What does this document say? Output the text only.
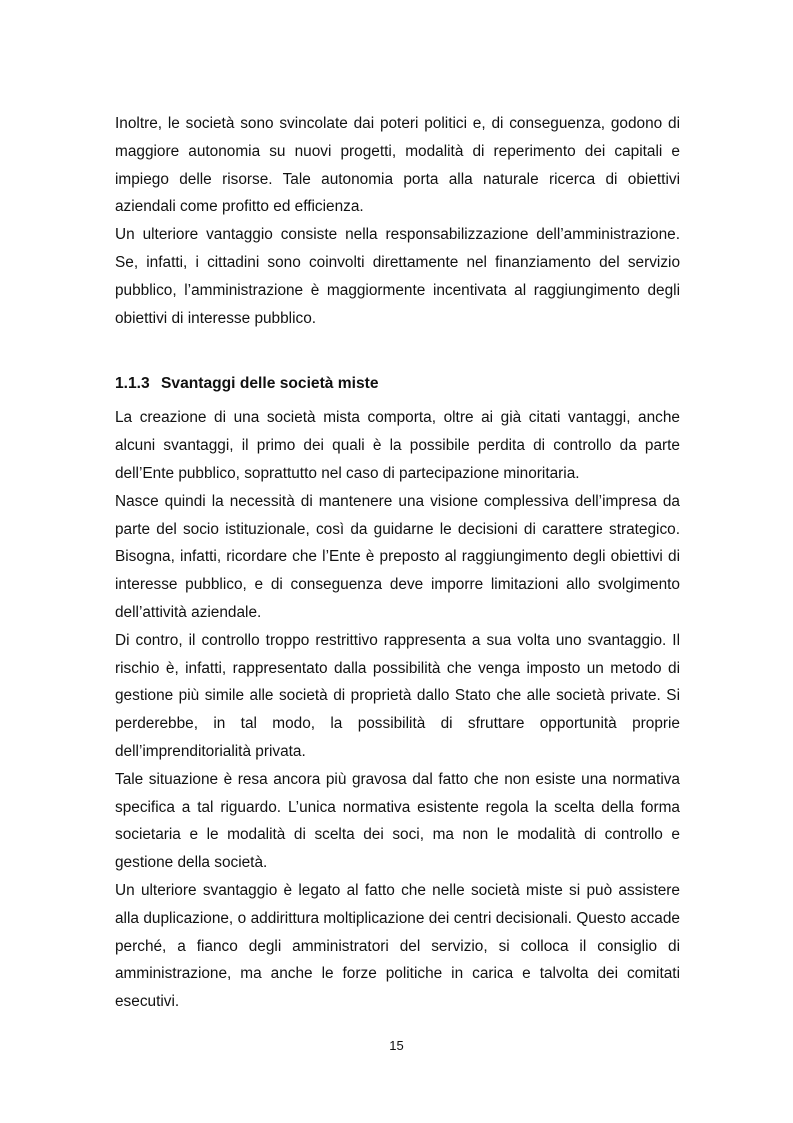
Inoltre, le società sono svincolate dai poteri politici e, di conseguenza, godono di maggiore autonomia su nuovi progetti, modalità di reperimento dei capitali e impiego delle risorse. Tale autonomia porta alla naturale ricerca di obiettivi aziendali come profitto ed efficienza.

Un ulteriore vantaggio consiste nella responsabilizzazione dell’amministrazione. Se, infatti, i cittadini sono coinvolti direttamente nel finanziamento del servizio pubblico, l’amministrazione è maggiormente incentivata al raggiungimento degli obiettivi di interesse pubblico.

1.1.3 Svantaggi delle società miste

La creazione di una società mista comporta, oltre ai già citati vantaggi, anche alcuni svantaggi, il primo dei quali è la possibile perdita di controllo da parte dell’Ente pubblico, soprattutto nel caso di partecipazione minoritaria.

Nasce quindi la necessità di mantenere una visione complessiva dell’impresa da parte del socio istituzionale, così da guidarne le decisioni di carattere strategico. Bisogna, infatti, ricordare che l’Ente è preposto al raggiungimento degli obiettivi di interesse pubblico, e di conseguenza deve imporre limitazioni allo svolgimento dell’attività aziendale.

Di contro, il controllo troppo restrittivo rappresenta a sua volta uno svantaggio. Il rischio è, infatti, rappresentato dalla possibilità che venga imposto un metodo di gestione più simile alle società di proprietà dallo Stato che alle società private. Si perderebbe, in tal modo, la possibilità di sfruttare opportunità proprie dell’imprenditorialità privata.

Tale situazione è resa ancora più gravosa dal fatto che non esiste una normativa specifica a tal riguardo. L’unica normativa esistente regola la scelta della forma societaria e le modalità di scelta dei soci, ma non le modalità di controllo e gestione della società.

Un ulteriore svantaggio è legato al fatto che nelle società miste si può assistere alla duplicazione, o addirittura moltiplicazione dei centri decisionali. Questo accade perché, a fianco degli amministratori del servizio, si colloca il consiglio di amministrazione, ma anche le forze politiche in carica e talvolta dei comitati esecutivi.

15
